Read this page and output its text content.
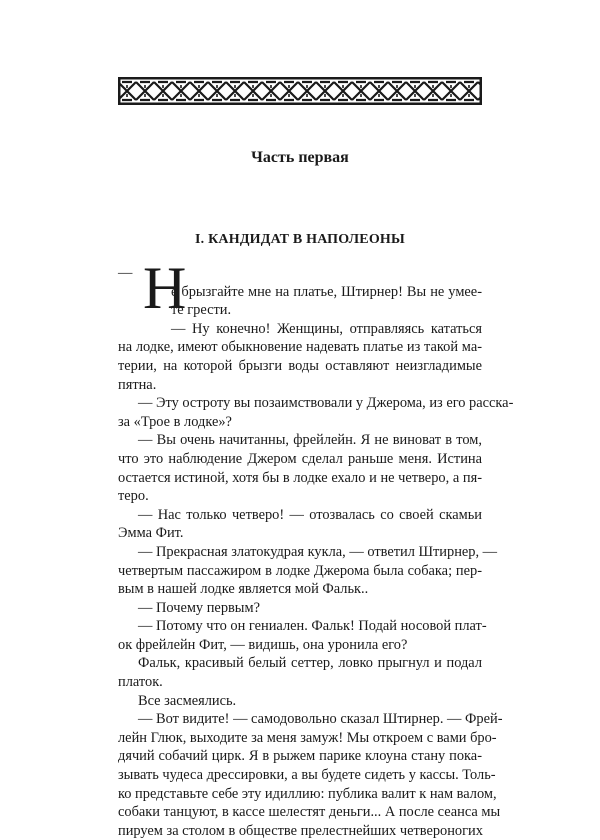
Часть первая
I. КАНДИДАТ В НАПОЛЕОНЫ
Н
—
е брызгайте мне на платье, Штирнер! Вы не умее-
те грести.
— Ну конечно! Женщины, отправляясь кататься
на лодке, имеют обыкновение надевать платье из такой ма-
терии, на которой брызги воды оставляют неизгладимые
пятна.
— Эту остроту вы позаимствовали у Джерома, из его расска-
за «Трое в лодке»?
— Вы очень начитанны, фрейлейн. Я не виноват в том,
что это наблюдение Джером сделал раньше меня. Истина
остается истиной, хотя бы в лодке ехало и не четверо, а пя-
теро.
— Нас только четверо! — отозвалась со своей скамьи
Эмма Фит.
— Прекрасная златокудрая кукла, — ответил Штирнер, —
четвертым пассажиром в лодке Джерома была собака; пер-
вым в нашей лодке является мой Фальк..
— Почему первым?
— Потому что он гениален. Фальк! Подай носовой плат-
ок фрейлейн Фит, — видишь, она уронила его?
Фальк, красивый белый сеттер, ловко прыгнул и подал
платок.
Все засмеялись.
— Вот видите! — самодовольно сказал Штирнер. — Фрей-
лейн Глюк, выходите за меня замуж! Мы откроем с вами бро-
дячий собачий цирк. Я в рыжем парике клоуна стану пока-
зывать чудеса дрессировки, а вы будете сидеть у кассы. Толь-
ко представьте себе эту идиллию: публика валит к нам валом,
собаки танцуют, в кассе шелестят деньги... А после сеанса мы
пируем за столом в обществе прелестнейших четвероногих
